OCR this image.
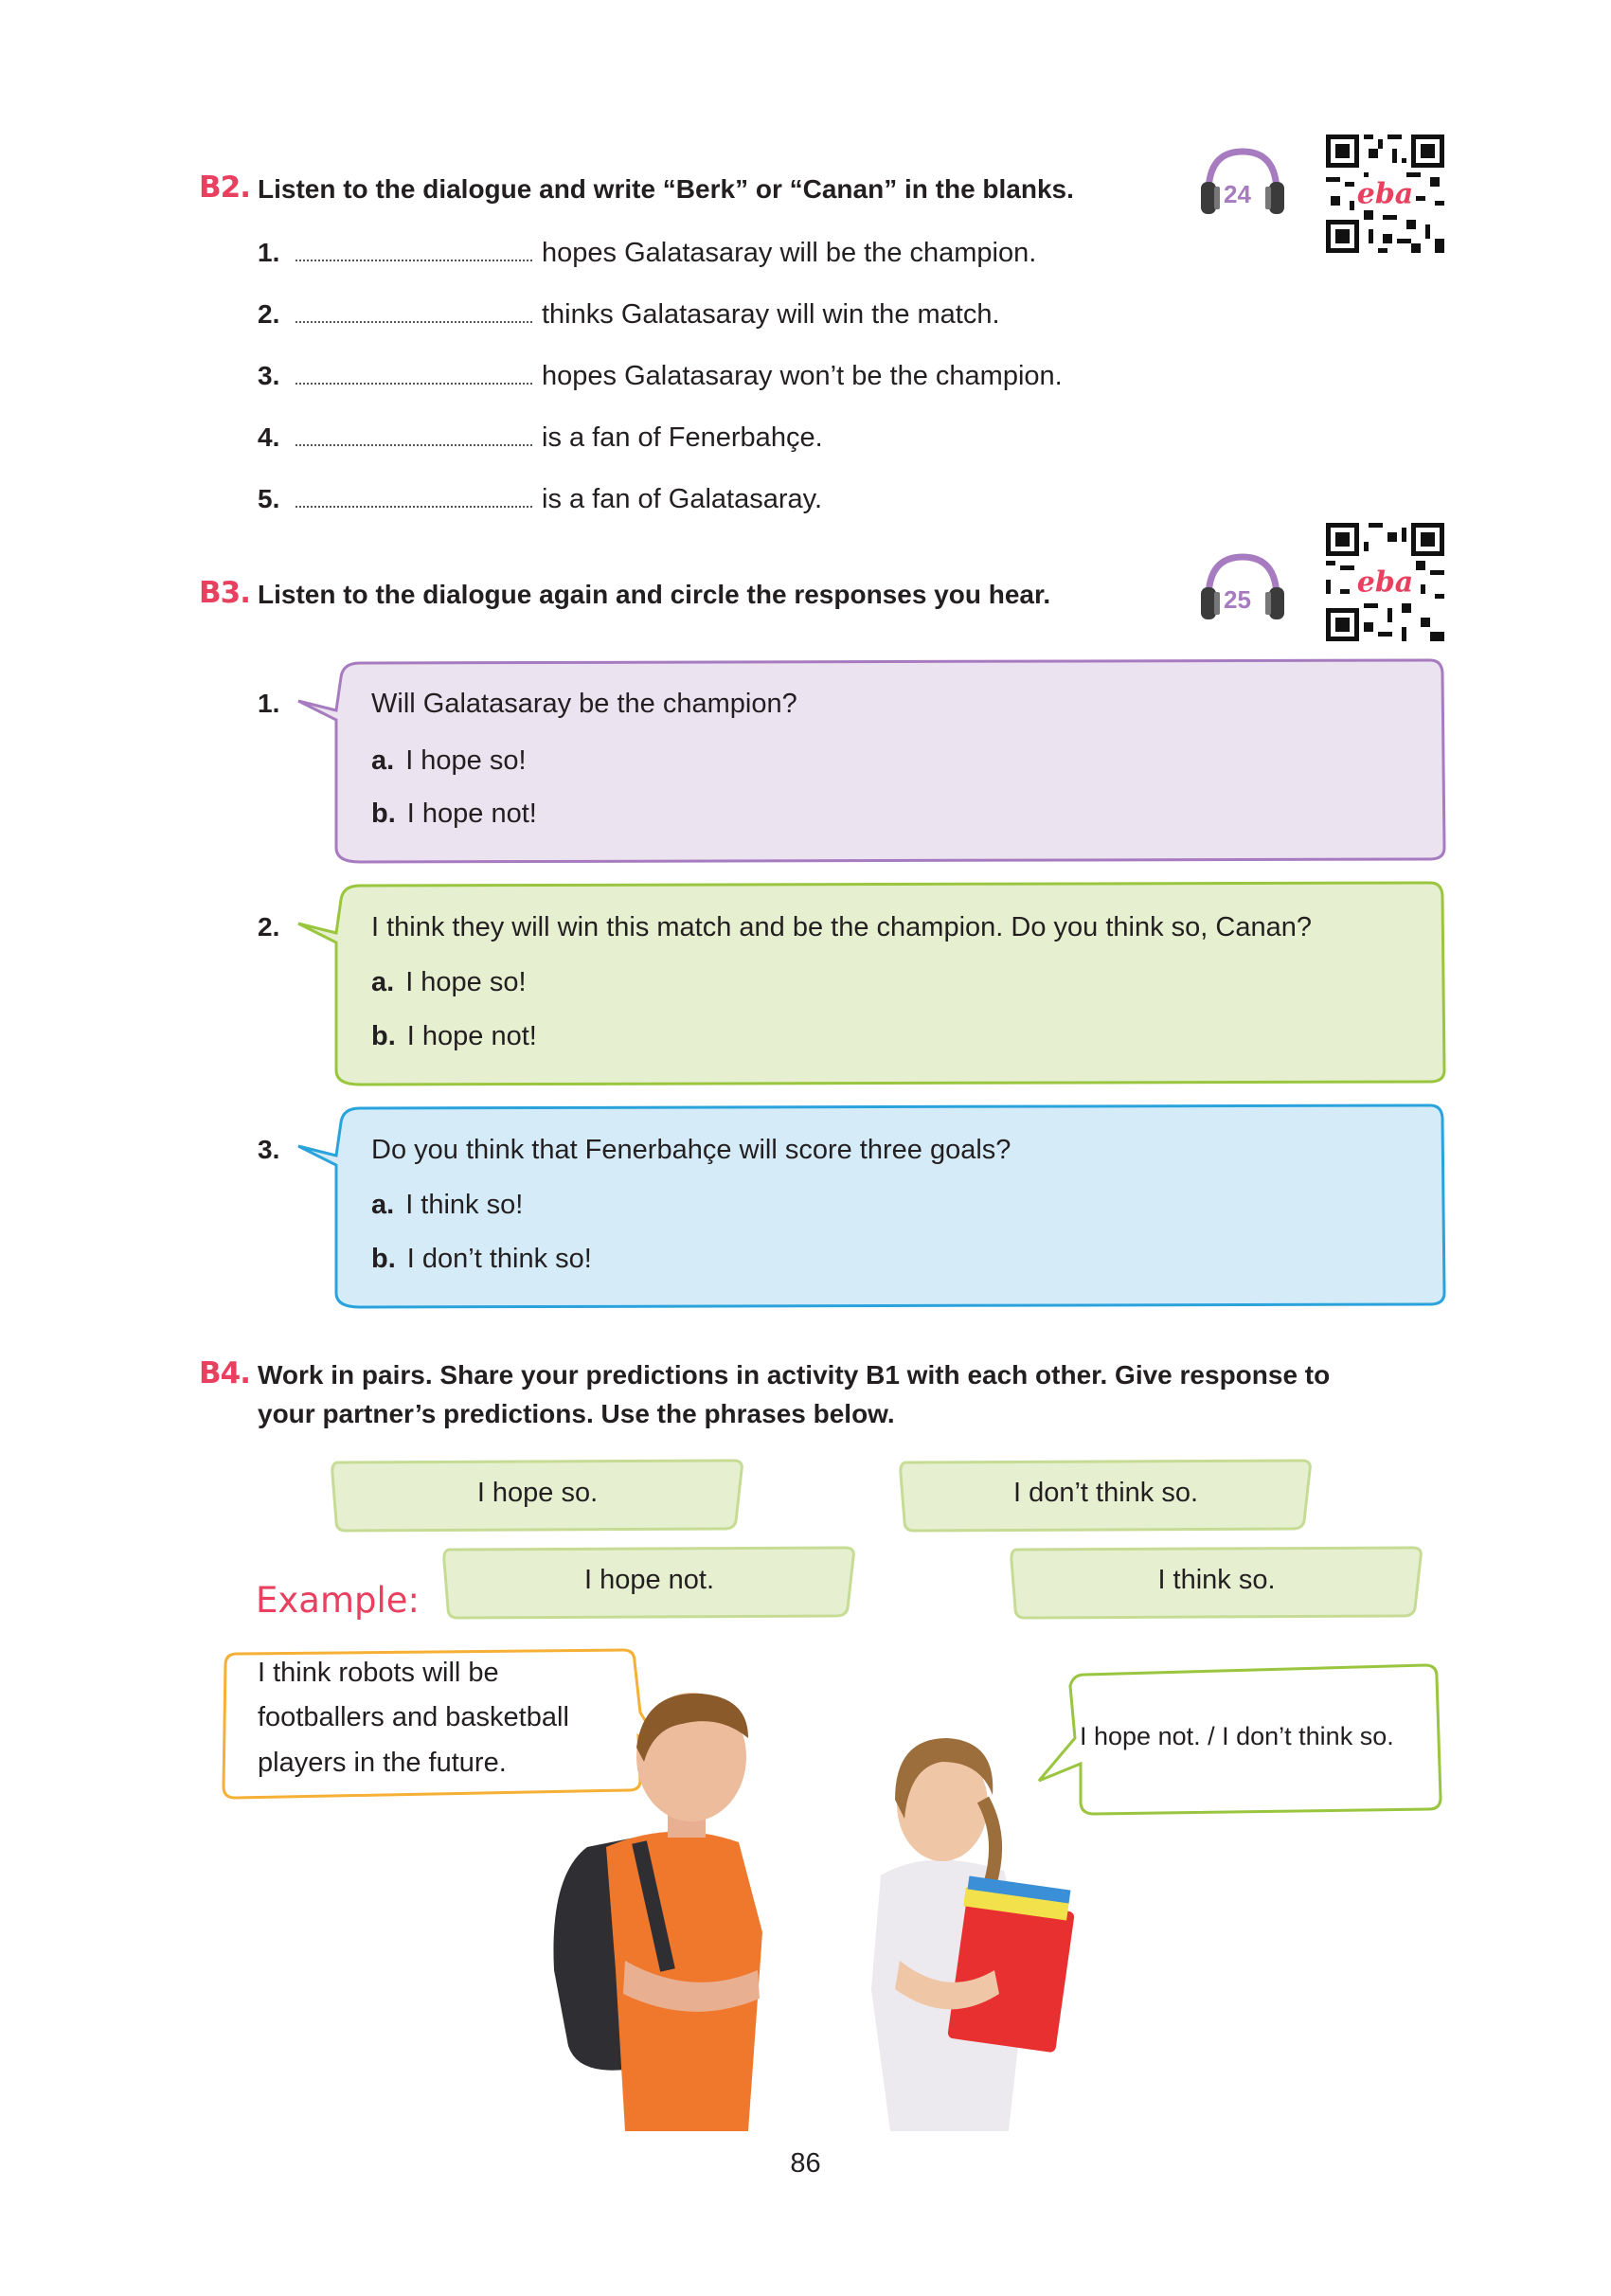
B2. Listen to the dialogue and write “Berk” or “Canan” in the blanks.	24	eba
1.	hopes Galatasaray will be the champion.
2.	thinks Galatasaray will win the match.
3.	hopes Galatasaray won’t be the champion.
4.	is a fan of Fenerbahçe.
5.	is a fan of Galatasaray.
B3. Listen to the dialogue again and circle the responses you hear.	25
eba
1.	Will Galatasaray be the champion?
a. I hope so!
b. I hope not!
2.	I think they will win this match and be the champion. Do you think so, Canan?
a. I hope so!
b. I hope not!
3.	Do you think that Fenerbahçe will score three goals?
a. I think so!
b. I don’t think so!
B4. Work in pairs. Share your predictions in activity B1 with each other. Give response to
your partner’s predictions. Use the phrases below.
I hope so.	I don’t think so.
I hope not.	I think so.
Example:
I think robots will be
footballers and basketball
players in the future.
I hope not. / I don’t think so.
86
